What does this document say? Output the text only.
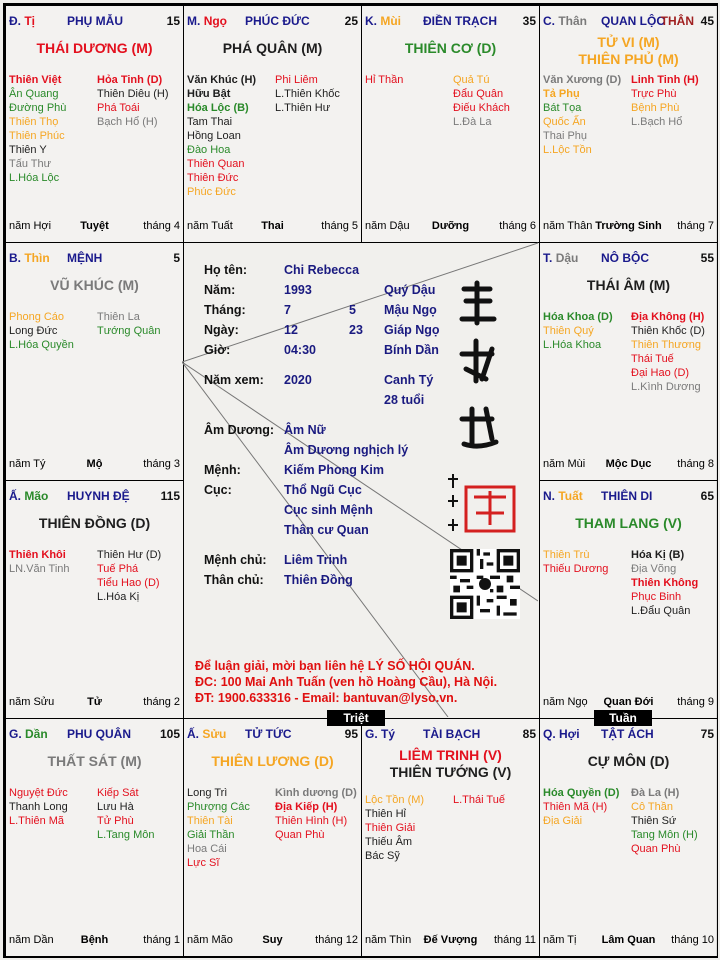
Đ. Tị	PHỤ MẪU	15
THÁI DƯƠNG (M)
Thiên Việt
Ân Quang
Đường Phù
Thiên Thọ
Thiên Phúc
Thiên Y
Tấu Thư
L.Hóa Lộc
Hỏa Tinh (D)
Thiên Diêu (H)
Phá Toái
Bạch Hổ (H)
năm Hợi	Tuyệt	tháng 4
M. Ngọ PHÚC ĐỨC	25
PHÁ QUÂN (M)
Văn Khúc (H)
Hữu Bật
Hóa Lộc (B)
Tam Thai
Hồng Loan
Đào Hoa
Thiên Quan
Thiên Đức
Phúc Đức
Phi Liêm
L.Thiên Khốc
L.Thiên Hư
năm Tuất	Thai	tháng 5
K. Mùi ĐIỀN TRẠCH 35
THIÊN CƠ (D)
Hỉ Thần	Quả Tú
Đẩu Quân
Điếu Khách
L.Đà La
năm Dậu	Dưỡng	tháng 6
C. Thân QUAN LỘC	45
THÂN
TỬ VI (M)
THIÊN PHỦ (M)
Văn Xương (D)
Tả Phụ
Bát Tọa
Quốc Ấn
Thai Phụ
L.Lộc Tồn
Linh Tinh (H)
Trực Phù
Bệnh Phù
L.Bạch Hổ
năm Thân Trường Sinh	tháng 7
B. Thìn MỆNH	5
VŨ KHÚC (M)
Phong Cáo
Long Đức
L.Hóa Quyền
Thiên La
Tướng Quân
năm Tý	Mộ	tháng 3
T. Dậu NÔ BỘC	55
THÁI ÂM (M)
Hóa Khoa (D)
Thiên Quý
L.Hóa Khoa
Địa Không (H)
Thiên Khốc (D)
Thiên Thương
Thái Tuế
Đại Hao (D)
L.Kình Dương
năm Mùi	Mộc Dục	tháng 8
Ấ. Mão HUYNH ĐỆ	115
THIÊN ĐỒNG (D)
Thiên Khôi
LN.Văn Tinh
Thiên Hư (D)
Tuế Phá
Tiểu Hao (D)
L.Hóa Kị
năm Sửu	Tử	tháng 2
N. Tuất THIÊN DI	65
THAM LANG (V)
Thiên Trù
Thiếu Dương
Hóa Kị (B)
Địa Võng
Thiên Không
Phục Binh
L.Đẩu Quân
năm Ngọ	Quan Đới	tháng 9
G. Dần PHU QUÂN 105
THẤT SÁT (M)
Nguyệt Đức
Thanh Long
L.Thiên Mã
Kiếp Sát
Lưu Hà
Tử Phù
L.Tang Môn
năm Dần	Bệnh	tháng 1
Ấ. Sửu TỬ TỨC	95
THIÊN LƯƠNG (D)
Long Trì
Phượng Các
Thiên Tài
Giải Thần
Hoa Cái
Lực Sĩ
Kình dương (D)
Địa Kiếp (H)
Thiên Hình (H)
Quan Phù
năm Mão	Suy	tháng 12
G. Tý TÀI BẠCH	85
LIÊM TRINH (V)
THIÊN TƯỚNG (V)
Lộc Tồn (M)
Thiên Hỉ
Thiên Giải
Thiếu Âm
Bác Sỹ
L.Thái Tuế
năm Thìn	Đế Vượng	tháng 11
Q. Hợi TẬT ÁCH	75
CỰ MÔN (D)
Hóa Quyền (D)
Thiên Mã (H)
Địa Giải
Đà La (H)
Cô Thần
Thiên Sứ
Tang Môn (H)
Quan Phù
năm Tị	Lâm Quan	tháng 10
Họ tên:	Chi Rebecca
Năm:	1993	Quý Dậu
Tháng:	7	5 Mậu Ngọ
Ngày:	12	23 Giáp Ngọ
Giờ:	04:30	Bính Dần
Năm xem: 2020	Canh Tý
28 tuổi
Âm Dương: Âm Nữ
Âm Dương nghịch lý
Mệnh:	Kiếm Phong Kim
Cục:	Thổ Ngũ Cục
Cục sinh Mệnh
Thân cư Quan
Mệnh chủ: Liêm Trinh
Thân chủ: Thiên Đồng
Để luận giải, mời bạn liên hệ LÝ SỐ HỘI QUÁN.
ĐC: 100 Mai Anh Tuấn (ven hồ Hoàng Cầu), Hà Nội.
ĐT: 1900.633316 - Email: bantuvan@lyso.vn.
Triệt	Tuần
